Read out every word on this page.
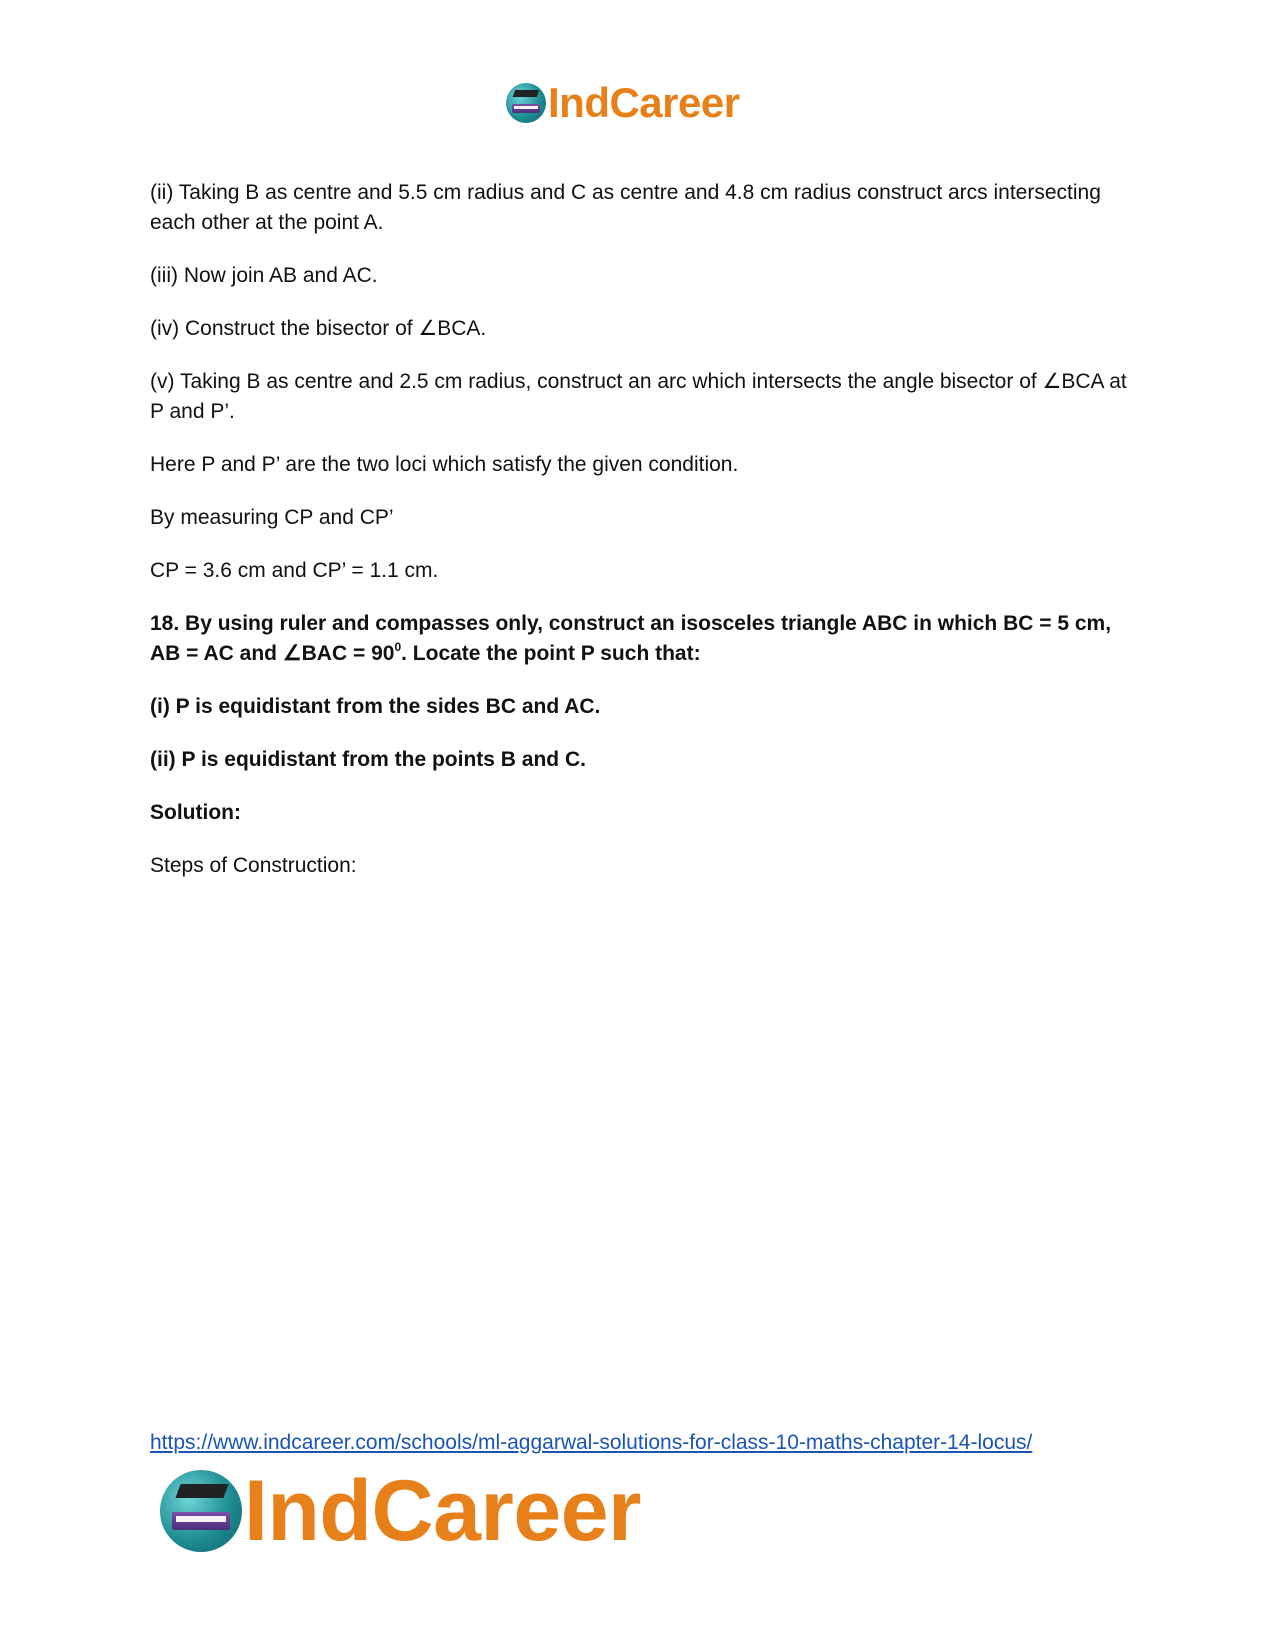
IndCareer

(ii) Taking B as centre and 5.5 cm radius and C as centre and 4.8 cm radius construct arcs intersecting each other at the point A.

(iii) Now join AB and AC.

(iv) Construct the bisector of ∠BCA.

(v) Taking B as centre and 2.5 cm radius, construct an arc which intersects the angle bisector of ∠BCA at P and P’.

Here P and P’ are the two loci which satisfy the given condition.

By measuring CP and CP’

CP = 3.6 cm and CP’ = 1.1 cm.

18. By using ruler and compasses only, construct an isosceles triangle ABC in which BC = 5 cm, AB = AC and ∠BAC = $90^0$. Locate the point P such that:

(i) P is equidistant from the sides BC and AC.

(ii) P is equidistant from the points B and C.

Solution:

Steps of Construction:

https://www.indcareer.com/schools/ml-aggarwal-solutions-for-class-10-maths-chapter-14-locus/
IndCareer
